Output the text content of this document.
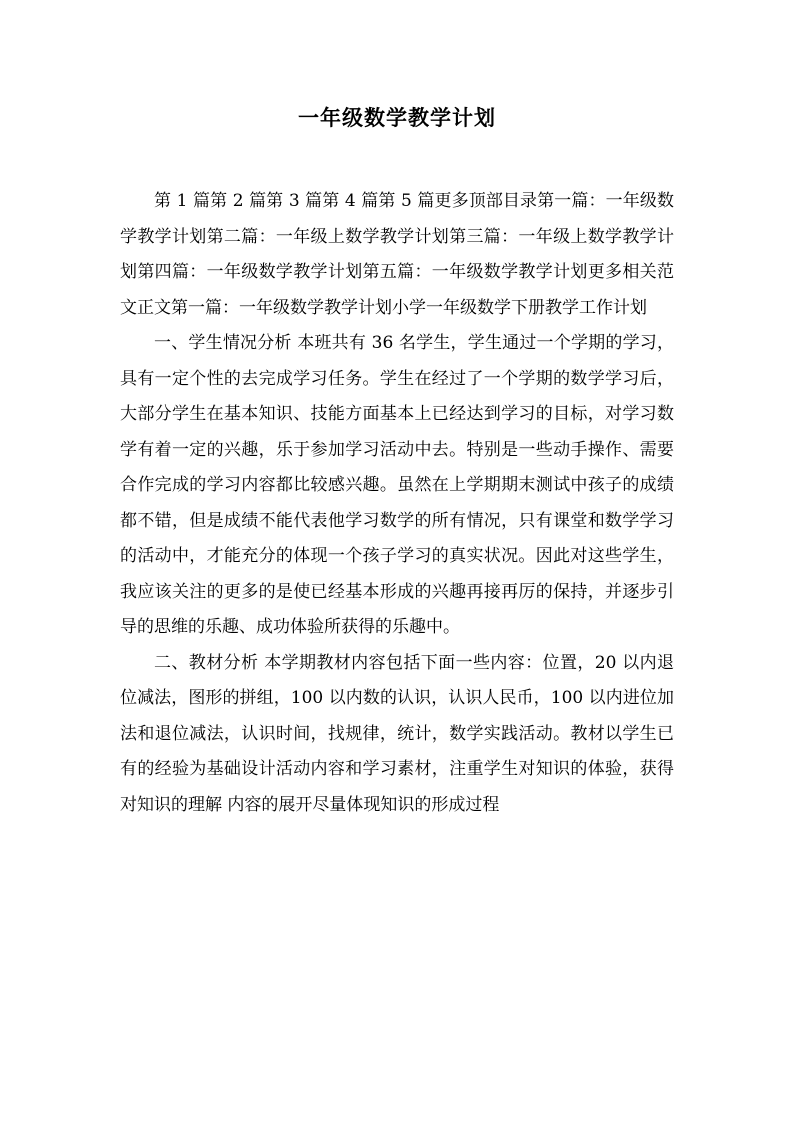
一年级数学教学计划

第 1 篇第 2 篇第 3 篇第 4 篇第 5 篇更多顶部目录第一篇：一年级数学教学计划第二篇：一年级上数学教学计划第三篇：一年级上数学教学计划第四篇：一年级数学教学计划第五篇：一年级数学教学计划更多相关范文正文第一篇：一年级数学教学计划小学一年级数学下册教学工作计划

一、学生情况分析 本班共有 36 名学生，学生通过一个学期的学习，具有一定个性的去完成学习任务。学生在经过了一个学期的数学学习后，大部分学生在基本知识、技能方面基本上已经达到学习的目标，对学习数学有着一定的兴趣，乐于参加学习活动中去。特别是一些动手操作、需要合作完成的学习内容都比较感兴趣。虽然在上学期期末测试中孩子的成绩都不错，但是成绩不能代表他学习数学的所有情况，只有课堂和数学学习的活动中，才能充分的体现一个孩子学习的真实状况。因此对这些学生，我应该关注的更多的是使已经基本形成的兴趣再接再厉的保持，并逐步引导的思维的乐趣、成功体验所获得的乐趣中。

二、教材分析 本学期教材内容包括下面一些内容：位置，20 以内退位减法，图形的拼组，100 以内数的认识，认识人民币，100 以内进位加法和退位减法，认识时间，找规律，统计，数学实践活动。教材以学生已有的经验为基础设计活动内容和学习素材，注重学生对知识的体验，获得对知识的理解 内容的展开尽量体现知识的形成过程
